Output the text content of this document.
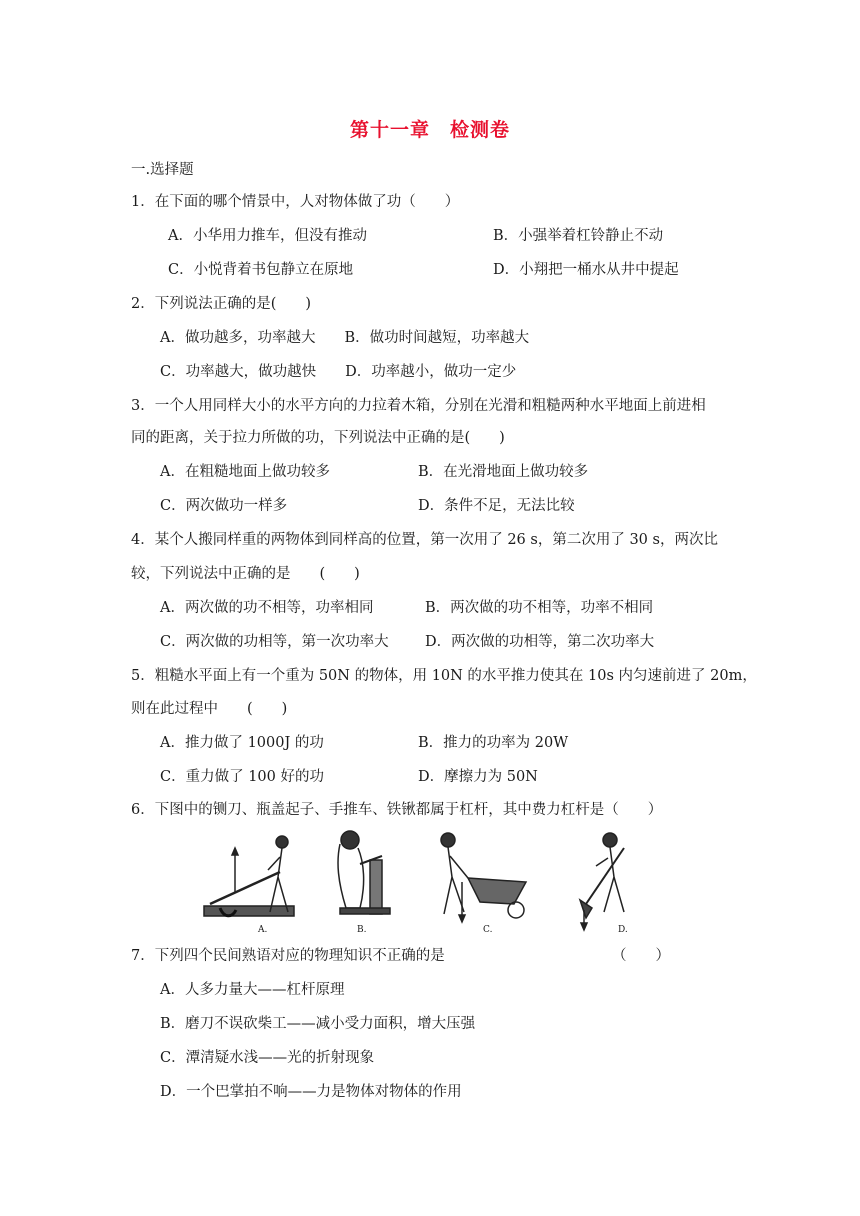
第十一章　检测卷
一.选择题
1．在下面的哪个情景中，人对物体做了功（　　）
A．小华用力推车，但没有推动	B．小强举着杠铃静止不动
C．小悦背着书包静立在原地	D．小翔把一桶水从井中提起
2．下列说法正确的是(　　)
A．做功越多，功率越大　　B．做功时间越短，功率越大
C．功率越大，做功越快　　D．功率越小，做功一定少
3．一个人用同样大小的水平方向的力拉着木箱，分别在光滑和粗糙两种水平地面上前进相
同的距离，关于拉力所做的功，下列说法中正确的是(　　)
A．在粗糙地面上做功较多	B．在光滑地面上做功较多
C．两次做功一样多	D．条件不足，无法比较
4．某个人搬同样重的两物体到同样高的位置，第一次用了 26 s，第二次用了 30 s，两次比
较，下列说法中正确的是　　(　　)
A．两次做的功不相等，功率相同	B．两次做的功不相等，功率不相同
C．两次做的功相等，第一次功率大	D．两次做的功相等，第二次功率大
5．粗糙水平面上有一个重为 50N 的物体，用 10N 的水平推力使其在 10s 内匀速前进了 20m，
则在此过程中　　(　　)
A．推力做了 1000J 的功	B．推力的功率为 20W
C．重力做了 100 好的功	D．摩擦力为 50N
6．下图中的铡刀、瓶盖起子、手推车、铁锹都属于杠杆，其中费力杠杆是（　　）
A.	B.	C.	D.
7．下列四个民间熟语对应的物理知识不正确的是	（　　）
A．人多力量大——杠杆原理
B．磨刀不误砍柴工——减小受力面积，增大压强
C．潭清疑水浅——光的折射现象
D．一个巴掌拍不响——力是物体对物体的作用
